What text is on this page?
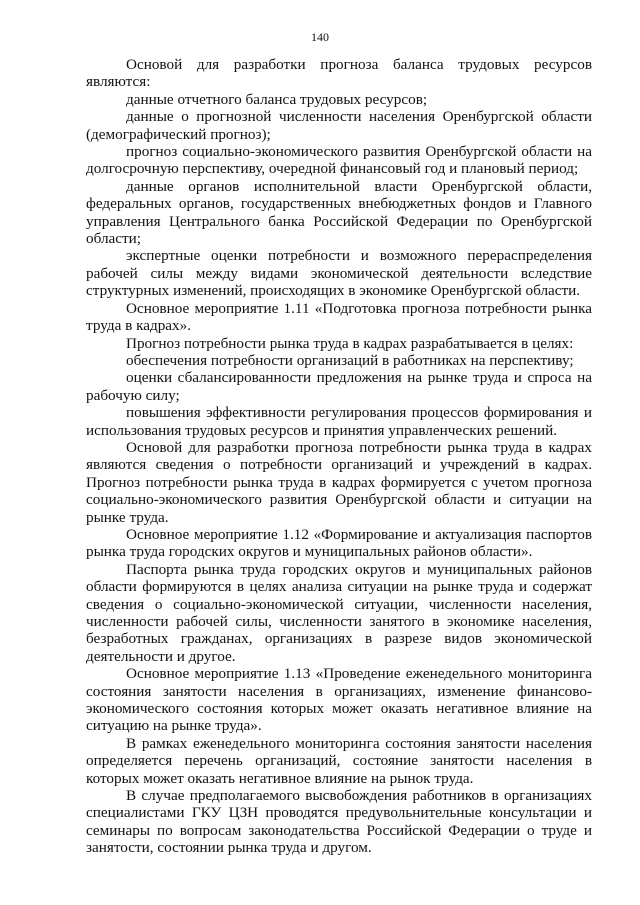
140

Основой для разработки прогноза баланса трудовых ресурсов являются:

данные отчетного баланса трудовых ресурсов;

данные о прогнозной численности населения Оренбургской области (демографический прогноз);

прогноз социально-экономического развития Оренбургской области на долгосрочную перспективу, очередной финансовый год и плановый период;

данные органов исполнительной власти Оренбургской области, федеральных органов, государственных внебюджетных фондов и Главного управления Центрального банка Российской Федерации по Оренбургской области;

экспертные оценки потребности и возможного перераспределения рабочей силы между видами экономической деятельности вследствие структурных изменений, происходящих в экономике Оренбургской области.

Основное мероприятие 1.11 «Подготовка прогноза потребности рынка труда в кадрах».

Прогноз потребности рынка труда в кадрах разрабатывается в целях:

обеспечения потребности организаций в работниках на перспективу;

оценки сбалансированности предложения на рынке труда и спроса на рабочую силу;

повышения эффективности регулирования процессов формирования и использования трудовых ресурсов и принятия управленческих решений.

Основой для разработки прогноза потребности рынка труда в кадрах являются сведения о потребности организаций и учреждений в кадрах. Прогноз потребности рынка труда в кадрах формируется с учетом прогноза социально-экономического развития Оренбургской области и ситуации на рынке труда.

Основное мероприятие 1.12 «Формирование и актуализация паспортов рынка труда городских округов и муниципальных районов области».

Паспорта рынка труда городских округов и муниципальных районов области формируются в целях анализа ситуации на рынке труда и содержат сведения о социально-экономической ситуации, численности населения, численности рабочей силы, численности занятого в экономике населения, безработных гражданах, организациях в разрезе видов экономической деятельности и другое.

Основное мероприятие 1.13 «Проведение еженедельного мониторинга состояния занятости населения в организациях, изменение финансово-экономического состояния которых может оказать негативное влияние на ситуацию на рынке труда».

В рамках еженедельного мониторинга состояния занятости населения определяется перечень организаций, состояние занятости населения в которых может оказать негативное влияние на рынок труда.

В случае предполагаемого высвобождения работников в организациях специалистами ГКУ ЦЗН проводятся предувольнительные консультации и семинары по вопросам законодательства Российской Федерации о труде и занятости, состоянии рынка труда и другом.
